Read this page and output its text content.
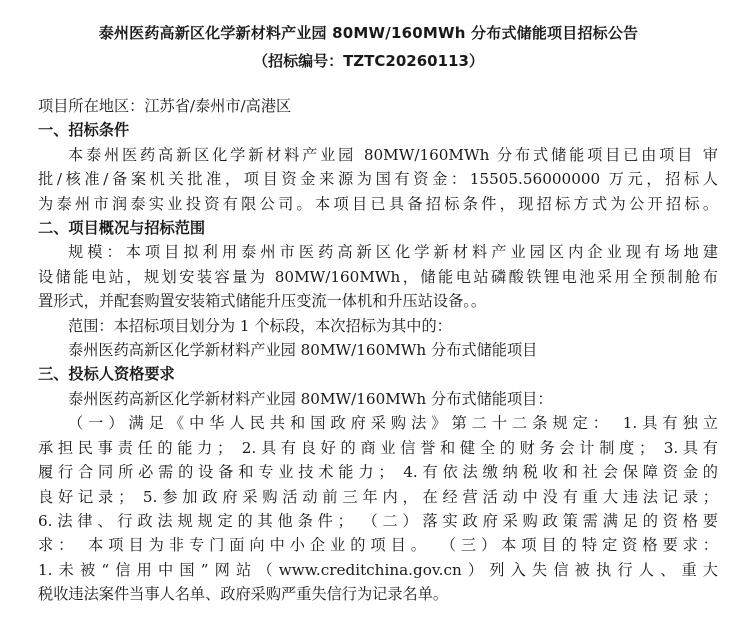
泰州医药高新区化学新材料产业园 80MW/160MWh 分布式储能项目招标公告
（招标编号：TZTC20260113）
项目所在地区：江苏省/泰州市/高港区
一、招标条件
本泰州医药高新区化学新材料产业园 80MW/160MWh 分布式储能项目已由项目 审
批/核准/备案机关批准，项目资金来源为国有资金：15505.56000000 万元，招标人
为泰州市润泰实业投资有限公司。本项目已具备招标条件，现招标方式为公开招标。
二、项目概况与招标范围
规模：本项目拟利用泰州市医药高新区化学新材料产业园区内企业现有场地建
设储能电站，规划安装容量为 80MW/160MWh，储能电站磷酸铁锂电池采用全预制舱布
置形式，并配套购置安装箱式储能升压变流一体机和升压站设备。。
范围：本招标项目划分为 1 个标段，本次招标为其中的：
泰州医药高新区化学新材料产业园 80MW/160MWh 分布式储能项目
三、投标人资格要求
泰州医药高新区化学新材料产业园 80MW/160MWh 分布式储能项目：
（一）满足《中华人民共和国政府采购法》第二十二条规定： 1.具有独立
承担民事责任的能力； 2.具有良好的商业信誉和健全的财务会计制度； 3.具有
履行合同所必需的设备和专业技术能力； 4.有依法缴纳税收和社会保障资金的
良好记录； 5.参加政府采购活动前三年内，在经营活动中没有重大违法记录；
6.法律、行政法规规定的其他条件； （二）落实政府采购政策需满足的资格要
求： 本项目为非专门面向中小企业的项目。 （三）本项目的特定资格要求：
1.未被“信用中国”网站（www.creditchina.gov.cn）列入失信被执行人、重大
税收违法案件当事人名单、政府采购严重失信行为记录名单。
